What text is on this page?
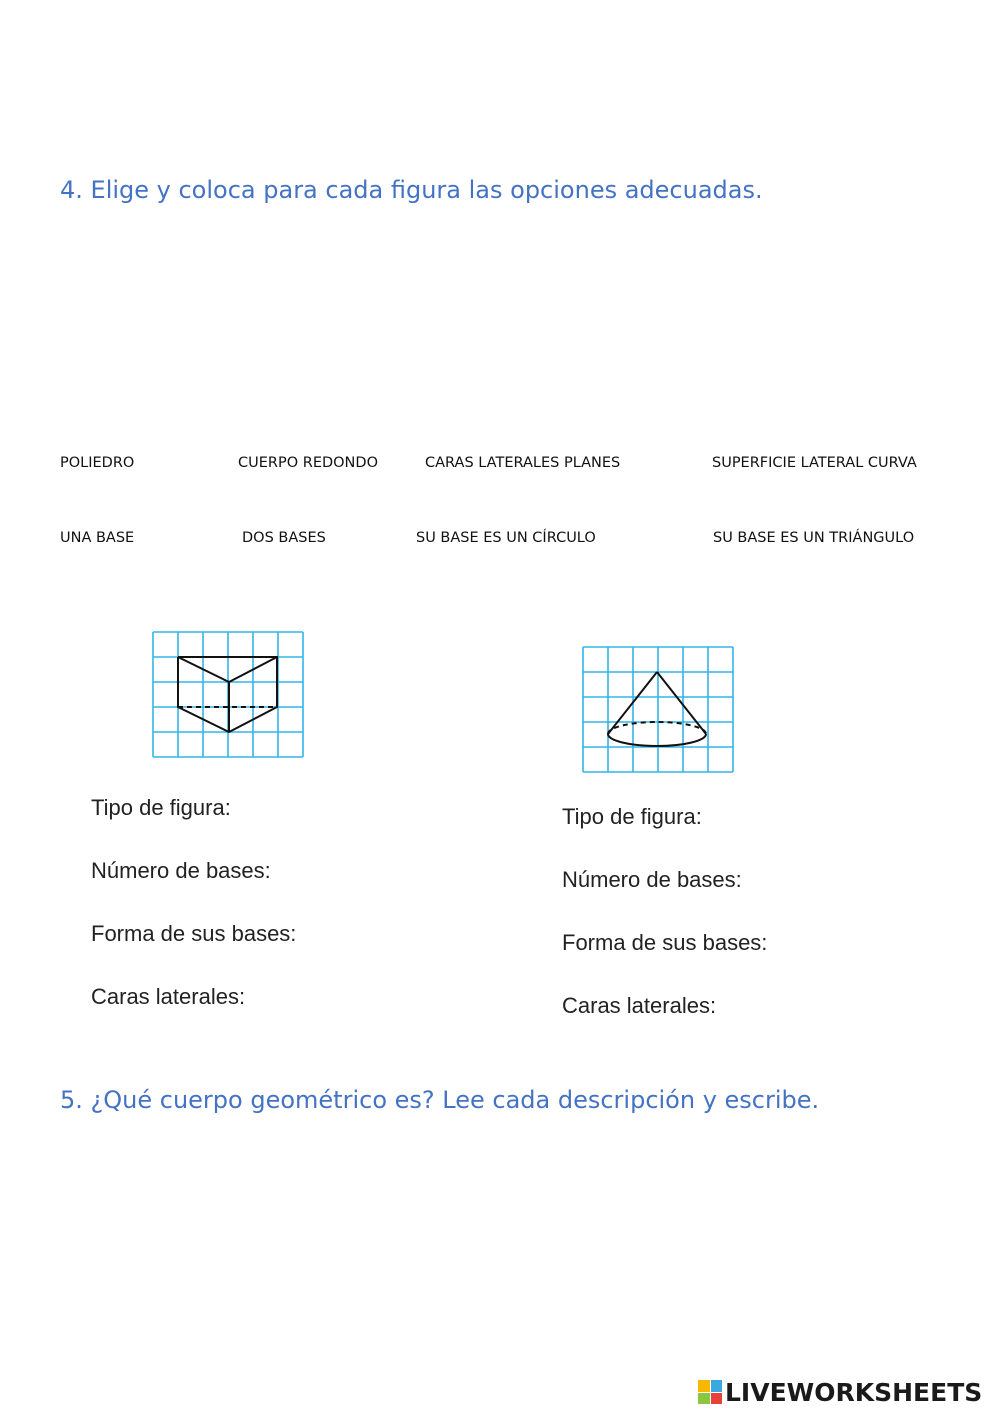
4. Elige y coloca para cada figura las opciones adecuadas.
POLIEDRO	CUERPO REDONDO	CARAS LATERALES PLANES	SUPERFICIE LATERAL CURVA
UNA BASE	DOS BASES	SU BASE ES UN CÍRCULO	SU BASE ES UN TRIÁNGULO
Tipo de figura:
Número de bases:
Forma de sus bases:
Caras laterales:
Tipo de figura:
Número de bases:
Forma de sus bases:
Caras laterales:
5. ¿Qué cuerpo geométrico es? Lee cada descripción y escribe.
LIVEWORKSHEETS
